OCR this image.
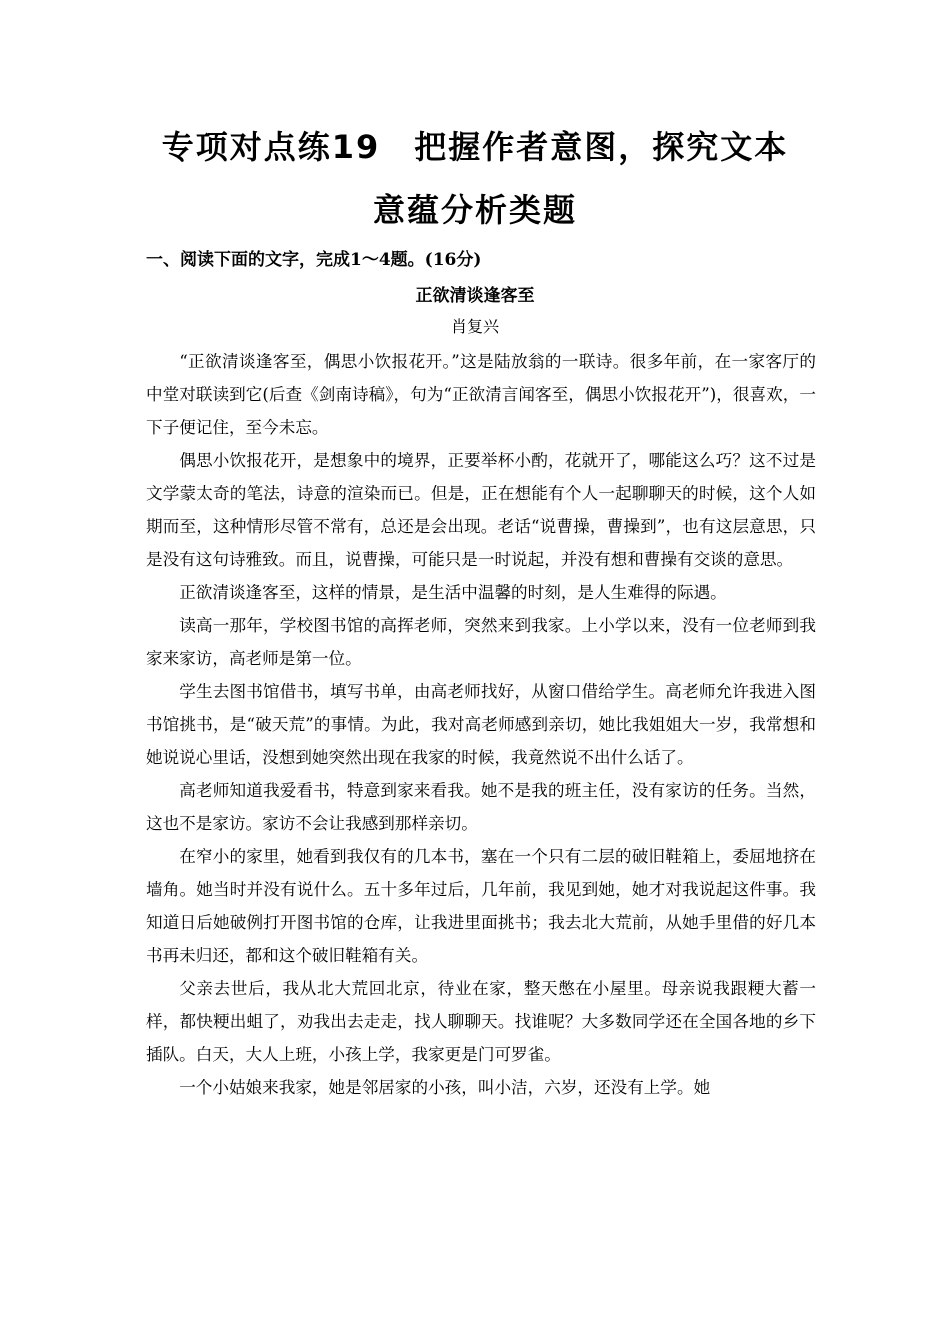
专项对点练19　把握作者意图，探究文本
意蕴分析类题
一、阅读下面的文字，完成1～4题。(16分)
正欲清谈逢客至
肖复兴

“正欲清谈逢客至，偶思小饮报花开。”这是陆放翁的一联诗。很多年前，在一家客厅的中堂对联读到它(后查《剑南诗稿》，句为“正欲清言闻客至，偶思小饮报花开”)，很喜欢，一下子便记住，至今未忘。

偶思小饮报花开，是想象中的境界，正要举杯小酌，花就开了，哪能这么巧？这不过是文学蒙太奇的笔法，诗意的渲染而已。但是，正在想能有个人一起聊聊天的时候，这个人如期而至，这种情形尽管不常有，总还是会出现。老话“说曹操，曹操到”，也有这层意思，只是没有这句诗雅致。而且，说曹操，可能只是一时说起，并没有想和曹操有交谈的意思。

正欲清谈逢客至，这样的情景，是生活中温馨的时刻，是人生难得的际遇。

读高一那年，学校图书馆的高挥老师，突然来到我家。上小学以来，没有一位老师到我家来家访，高老师是第一位。

学生去图书馆借书，填写书单，由高老师找好，从窗口借给学生。高老师允许我进入图书馆挑书，是“破天荒”的事情。为此，我对高老师感到亲切，她比我姐姐大一岁，我常想和她说说心里话，没想到她突然出现在我家的时候，我竟然说不出什么话了。

高老师知道我爱看书，特意到家来看我。她不是我的班主任，没有家访的任务。当然，这也不是家访。家访不会让我感到那样亲切。

在窄小的家里，她看到我仅有的几本书，塞在一个只有二层的破旧鞋箱上，委屈地挤在墙角。她当时并没有说什么。五十多年过后，几年前，我见到她，她才对我说起这件事。我知道日后她破例打开图书馆的仓库，让我进里面挑书；我去北大荒前，从她手里借的好几本书再未归还，都和这个破旧鞋箱有关。

父亲去世后，我从北大荒回北京，待业在家，整天憋在小屋里。母亲说我跟粳大蓄一样，都快粳出蛆了，劝我出去走走，找人聊聊天。找谁呢？大多数同学还在全国各地的乡下插队。白天，大人上班，小孩上学，我家更是门可罗雀。

一个小姑娘来我家，她是邻居家的小孩，叫小洁，六岁，还没有上学。她
